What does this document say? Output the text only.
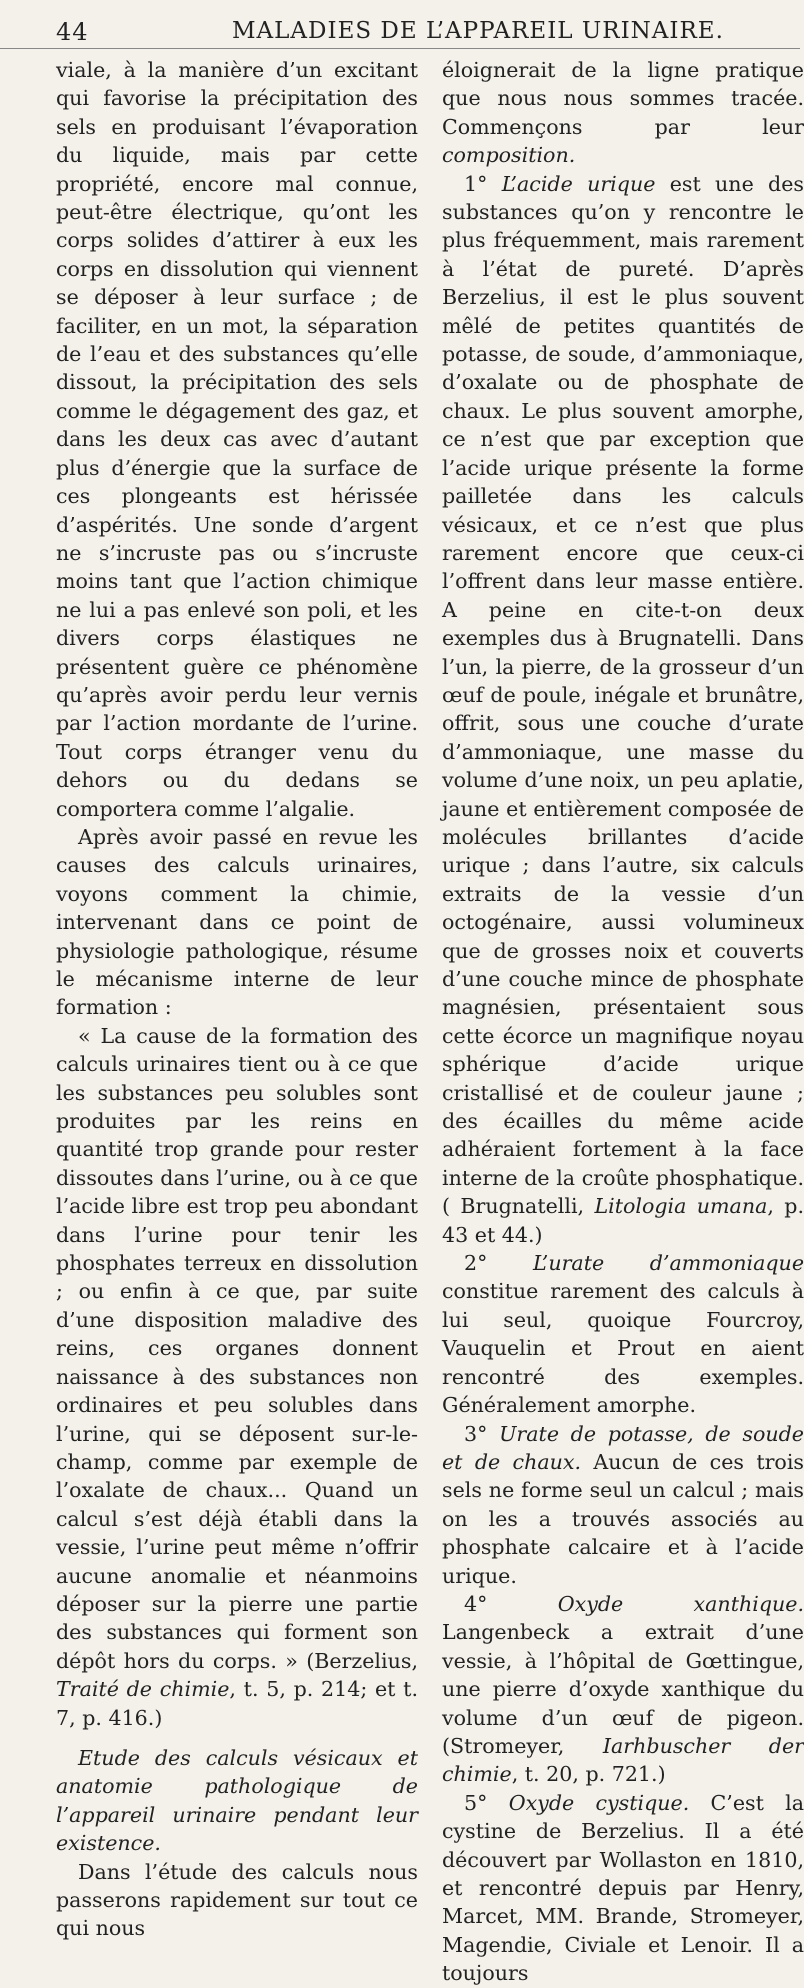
44	MALADIES DE L’APPAREIL URINAIRE.

viale, à la manière d’un excitant qui favorise la précipitation des sels en produisant l’évaporation du liquide, mais par cette propriété, encore mal connue, peut-être électrique, qu’ont les corps solides d’attirer à eux les corps en dissolution qui viennent se déposer à leur surface ; de faciliter, en un mot, la séparation de l’eau et des substances qu’elle dissout, la précipitation des sels comme le dégagement des gaz, et dans les deux cas avec d’autant plus d’énergie que la surface de ces plongeants est hérissée d’aspérités. Une sonde d’argent ne s’incruste pas ou s’incruste moins tant que l’action chimique ne lui a pas enlevé son poli, et les divers corps élastiques ne présentent guère ce phénomène qu’après avoir perdu leur vernis par l’action mordante de l’urine. Tout corps étranger venu du dehors ou du dedans se comportera comme l’algalie.

Après avoir passé en revue les causes des calculs urinaires, voyons comment la chimie, intervenant dans ce point de physiologie pathologique, résume le mécanisme interne de leur formation :

« La cause de la formation des calculs urinaires tient ou à ce que les substances peu solubles sont produites par les reins en quantité trop grande pour rester dissoutes dans l’urine, ou à ce que l’acide libre est trop peu abondant dans l’urine pour tenir les phosphates terreux en dissolution ; ou enfin à ce que, par suite d’une disposition maladive des reins, ces organes donnent naissance à des substances non ordinaires et peu solubles dans l’urine, qui se déposent sur-le-champ, comme par exemple de l’oxalate de chaux... Quand un calcul s’est déjà établi dans la vessie, l’urine peut même n’offrir aucune anomalie et néanmoins déposer sur la pierre une partie des substances qui forment son dépôt hors du corps. » (Berzelius, Traité de chimie, t. 5, p. 214; et t. 7, p. 416.)

Etude des calculs vésicaux et anatomie pathologique de l’appareil urinaire pendant leur existence.

Dans l’étude des calculs nous passerons rapidement sur tout ce qui nous

éloignerait de la ligne pratique que nous nous sommes tracée. Commençons par leur composition.

1° L’acide urique est une des substances qu’on y rencontre le plus fréquemment, mais rarement à l’état de pureté. D’après Berzelius, il est le plus souvent mêlé de petites quantités de potasse, de soude, d’ammoniaque, d’oxalate ou de phosphate de chaux. Le plus souvent amorphe, ce n’est que par exception que l’acide urique présente la forme pailletée dans les calculs vésicaux, et ce n’est que plus rarement encore que ceux-ci l’offrent dans leur masse entière. A peine en cite-t-on deux exemples dus à Brugnatelli. Dans l’un, la pierre, de la grosseur d’un œuf de poule, inégale et brunâtre, offrit, sous une couche d’urate d’ammoniaque, une masse du volume d’une noix, un peu aplatie, jaune et entièrement composée de molécules brillantes d’acide urique ; dans l’autre, six calculs extraits de la vessie d’un octogénaire, aussi volumineux que de grosses noix et couverts d’une couche mince de phosphate magnésien, présentaient sous cette écorce un magnifique noyau sphérique d’acide urique cristallisé et de couleur jaune ; des écailles du même acide adhéraient fortement à la face interne de la croûte phosphatique. ( Brugnatelli, Litologia umana, p. 43 et 44.)

2° L’urate d’ammoniaque constitue rarement des calculs à lui seul, quoique Fourcroy, Vauquelin et Prout en aient rencontré des exemples. Généralement amorphe.

3° Urate de potasse, de soude et de chaux. Aucun de ces trois sels ne forme seul un calcul ; mais on les a trouvés associés au phosphate calcaire et à l’acide urique.

4°	Oxyde xanthique. Langenbeck a extrait d’une vessie, à l’hôpital de Gœttingue, une pierre d’oxyde xanthique du volume d’un œuf de pigeon. (Stromeyer, Iarhbuscher der chimie, t. 20, p. 721.)

5° Oxyde cystique. C’est la cystine de Berzelius. Il a été découvert par Wollaston en 1810, et rencontré depuis par Henry, Marcet, MM. Brande, Stromeyer, Magendie, Civiale et Lenoir. Il a toujours
